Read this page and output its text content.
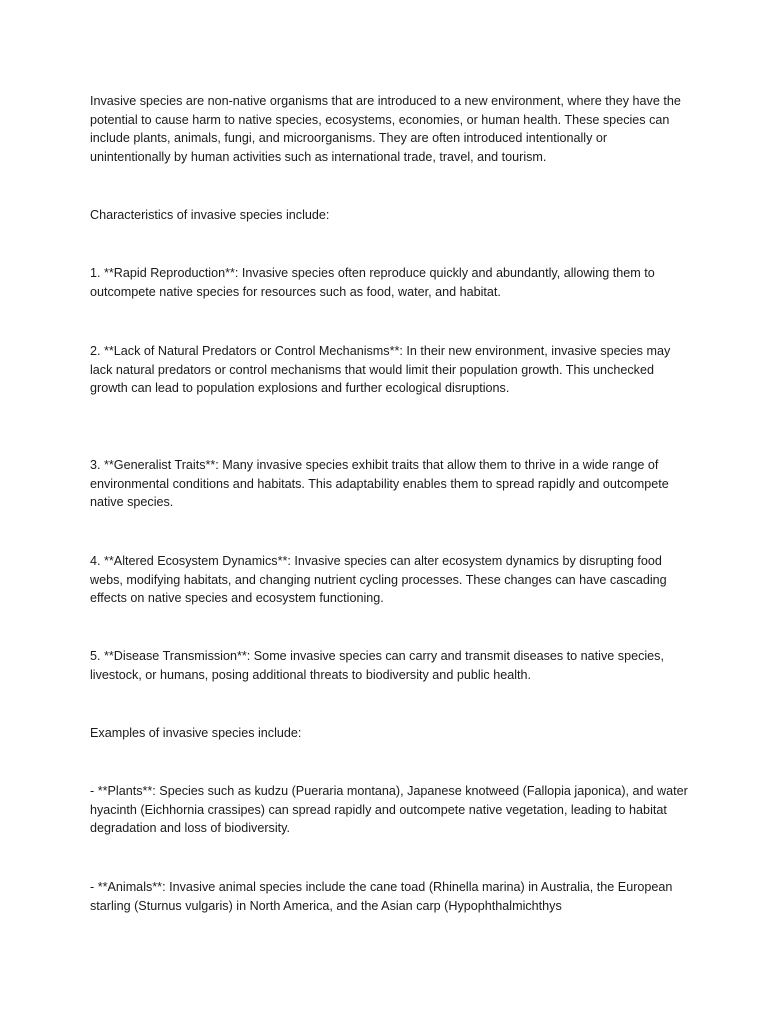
Invasive species are non-native organisms that are introduced to a new environment, where they have the potential to cause harm to native species, ecosystems, economies, or human health. These species can include plants, animals, fungi, and microorganisms. They are often introduced intentionally or unintentionally by human activities such as international trade, travel, and tourism.

Characteristics of invasive species include:

1. **Rapid Reproduction**: Invasive species often reproduce quickly and abundantly, allowing them to outcompete native species for resources such as food, water, and habitat.

2. **Lack of Natural Predators or Control Mechanisms**: In their new environment, invasive species may lack natural predators or control mechanisms that would limit their population growth. This unchecked growth can lead to population explosions and further ecological disruptions.

3. **Generalist Traits**: Many invasive species exhibit traits that allow them to thrive in a wide range of environmental conditions and habitats. This adaptability enables them to spread rapidly and outcompete native species.

4. **Altered Ecosystem Dynamics**: Invasive species can alter ecosystem dynamics by disrupting food webs, modifying habitats, and changing nutrient cycling processes. These changes can have cascading effects on native species and ecosystem functioning.

5. **Disease Transmission**: Some invasive species can carry and transmit diseases to native species, livestock, or humans, posing additional threats to biodiversity and public health.

Examples of invasive species include:

- **Plants**: Species such as kudzu (Pueraria montana), Japanese knotweed (Fallopia japonica), and water hyacinth (Eichhornia crassipes) can spread rapidly and outcompete native vegetation, leading to habitat degradation and loss of biodiversity.

- **Animals**: Invasive animal species include the cane toad (Rhinella marina) in Australia, the European starling (Sturnus vulgaris) in North America, and the Asian carp (Hypophthalmichthys
